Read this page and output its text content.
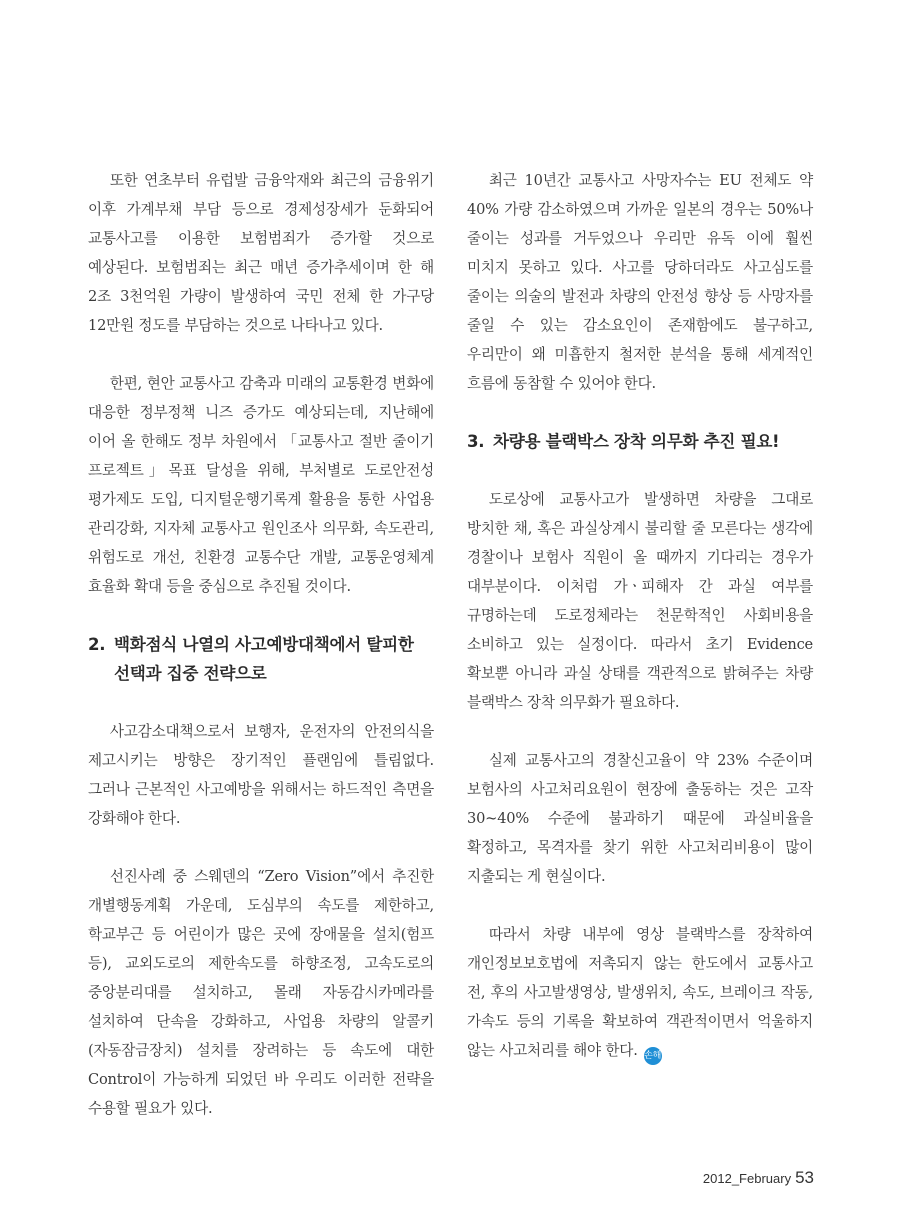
또한 연초부터 유럽발 금융악재와 최근의 금융위기 이후 가계부채 부담 등으로 경제성장세가 둔화되어 교통사고를 이용한 보험범죄가 증가할 것으로 예상된다. 보험범죄는 최근 매년 증가추세이며 한 해 2조 3천억원 가량이 발생하여 국민 전체 한 가구당 12만원 정도를 부담하는 것으로 나타나고 있다.

한편, 현안 교통사고 감축과 미래의 교통환경 변화에 대응한 정부정책 니즈 증가도 예상되는데, 지난해에 이어 올 한해도 정부 차원에서 「교통사고 절반 줄이기 프로젝트」목표 달성을 위해, 부처별로 도로안전성 평가제도 도입, 디지털운행기록계 활용을 통한 사업용 관리강화, 지자체 교통사고 원인조사 의무화, 속도관리, 위험도로 개선, 친환경 교통수단 개발, 교통운영체계 효율화 확대 등을 중심으로 추진될 것이다.

2. 백화점식 나열의 사고예방대책에서 탈피한 선택과 집중 전략으로

사고감소대책으로서 보행자, 운전자의 안전의식을 제고시키는 방향은 장기적인 플랜임에 틀림없다. 그러나 근본적인 사고예방을 위해서는 하드적인 측면을 강화해야 한다.

선진사례 중 스웨덴의 “Zero Vision”에서 추진한 개별행동계획 가운데, 도심부의 속도를 제한하고, 학교부근 등 어린이가 많은 곳에 장애물을 설치(험프 등), 교외도로의 제한속도를 하향조정, 고속도로의 중앙분리대를 설치하고, 몰래 자동감시카메라를 설치하여 단속을 강화하고, 사업용 차량의 알콜키(자동잠금장치) 설치를 장려하는 등 속도에 대한 Control이 가능하게 되었던 바 우리도 이러한 전략을 수용할 필요가 있다.

최근 10년간 교통사고 사망자수는 EU 전체도 약 40% 가량 감소하였으며 가까운 일본의 경우는 50%나 줄이는 성과를 거두었으나 우리만 유독 이에 훨씬 미치지 못하고 있다. 사고를 당하더라도 사고심도를 줄이는 의술의 발전과 차량의 안전성 향상 등 사망자를 줄일 수 있는 감소요인이 존재함에도 불구하고, 우리만이 왜 미흡한지 철저한 분석을 통해 세계적인 흐름에 동참할 수 있어야 한다.

3. 차량용 블랙박스 장착 의무화 추진 필요!

도로상에 교통사고가 발생하면 차량을 그대로 방치한 채, 혹은 과실상계시 불리할 줄 모른다는 생각에 경찰이나 보험사 직원이 올 때까지 기다리는 경우가 대부분이다. 이처럼 가ㆍ피해자 간 과실 여부를 규명하는데 도로정체라는 천문학적인 사회비용을 소비하고 있는 실정이다. 따라서 초기 Evidence 확보뿐 아니라 과실 상태를 객관적으로 밝혀주는 차량 블랙박스 장착 의무화가 필요하다.

실제 교통사고의 경찰신고율이 약 23% 수준이며 보험사의 사고처리요원이 현장에 출동하는 것은 고작 30~40% 수준에 불과하기 때문에 과실비율을 확정하고, 목격자를 찾기 위한 사고처리비용이 많이 지출되는 게 현실이다.

따라서 차량 내부에 영상 블랙박스를 장착하여 개인정보보호법에 저촉되지 않는 한도에서 교통사고 전, 후의 사고발생영상, 발생위치, 속도, 브레이크 작동, 가속도 등의 기록을 확보하여 객관적이면서 억울하지 않는 사고처리를 해야 한다. 손해

2012_February 53
